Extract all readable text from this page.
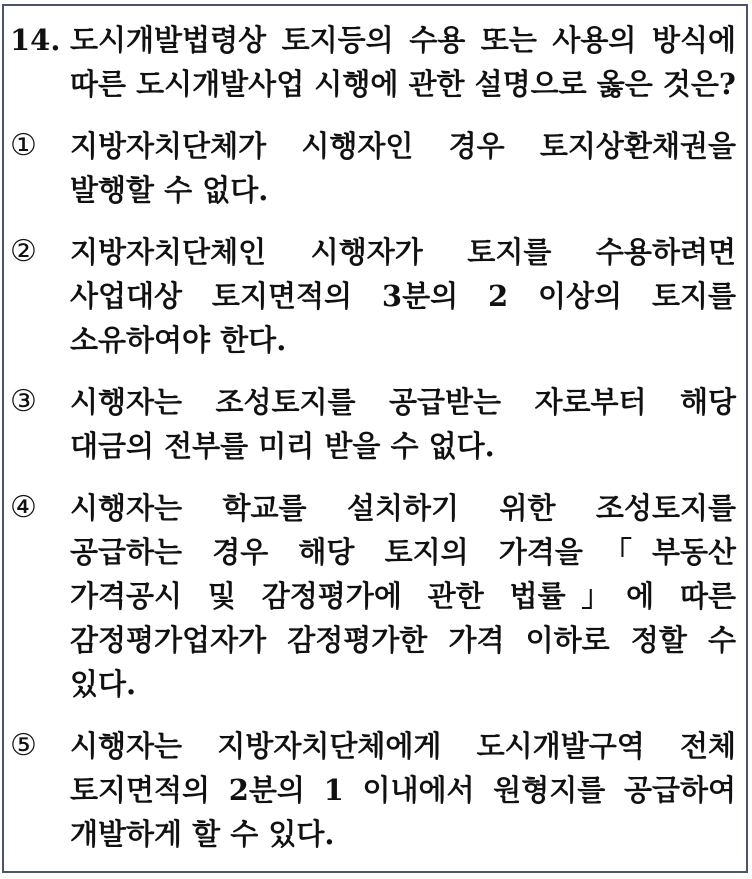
14. 도시개발법령상 토지등의 수용 또는 사용의 방식에 따른 도시개발사업 시행에 관한 설명으로 옳은 것은?
①	지방자치단체가 시행자인 경우 토지상환채권을 발행할 수 없다.
②	지방자치단체인 시행자가 토지를 수용하려면 사업대상 토지면적의 3분의 2 이상의 토지를 소유하여야 한다.
③	시행자는 조성토지를 공급받는 자로부터 해당 대금의 전부를 미리 받을 수 없다.
④	시행자는 학교를 설치하기 위한 조성토지를 공급하는 경우 해당 토지의 가격을「부동산 가격공시 및 감정평가에 관한 법률」에 따른 감정평가업자가 감정평가한 가격 이하로 정할 수 있다.
⑤	시행자는 지방자치단체에게 도시개발구역 전체 토지면적의 2분의 1 이내에서 원형지를 공급하여 개발하게 할 수 있다.
